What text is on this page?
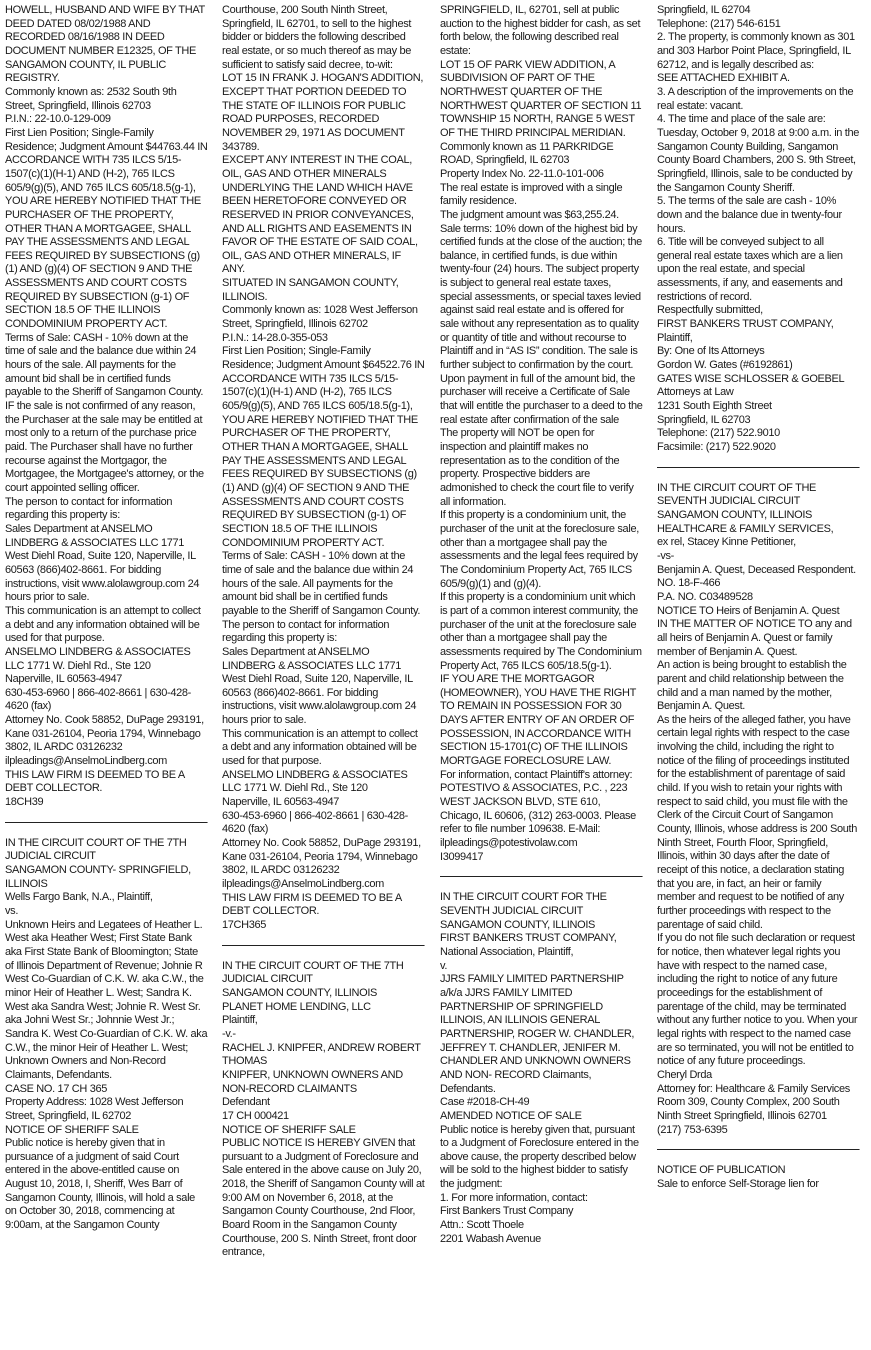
HOWELL, HUSBAND AND WIFE BY THAT DEED DATED 08/02/1988 AND RECORDED 08/16/1988 IN DEED DOCUMENT NUMBER E12325, OF THE SANGAMON COUNTY, IL PUBLIC REGISTRY.

Commonly known as: 2532 South 9th Street, Springfield, Illinois 62703

P.I.N.: 22-10.0-129-009

First Lien Position; Single-Family Residence; Judgment Amount $44763.44 IN ACCORDANCE WITH 735 ILCS 5/15-1507(c)(1)(H-1) AND (H-2), 765 ILCS 605/9(g)(5), AND 765 ILCS 605/18.5(g-1), YOU ARE HEREBY NOTIFIED THAT THE PURCHASER OF THE PROPERTY, OTHER THAN A MORTGAGEE, SHALL PAY THE ASSESSMENTS AND LEGAL FEES REQUIRED BY SUBSECTIONS (g)(1) AND (g)(4) OF SECTION 9 AND THE ASSESSMENTS AND COURT COSTS REQUIRED BY SUBSECTION (g-1) OF SECTION 18.5 OF THE ILLINOIS CONDOMINIUM PROPERTY ACT.

Terms of Sale: CASH - 10% down at the time of sale and the balance due within 24 hours of the sale. All payments for the amount bid shall be in certified funds payable to the Sheriff of Sangamon County.

IF the sale is not confirmed of any reason, the Purchaser at the sale may be entitled at most only to a return of the purchase price paid. The Purchaser shall have no further recourse against the Mortgagor, the Mortgagee, the Mortgagee's attorney, or the court appointed selling officer.

The person to contact for information regarding this property is:

Sales Department at ANSELMO LINDBERG & ASSOCIATES LLC 1771 West Diehl Road, Suite 120, Naperville, IL 60563 (866)402-8661. For bidding instructions, visit www.alolawgroup.com 24 hours prior to sale.

This communication is an attempt to collect a debt and any information obtained will be used for that purpose.

ANSELMO LINDBERG & ASSOCIATES LLC 1771 W. Diehl Rd., Ste 120

Naperville, IL 60563-4947

630-453-6960 | 866-402-8661 | 630-428-4620 (fax)

Attorney No. Cook 58852, DuPage 293191, Kane 031-26104, Peoria 1794, Winnebago 3802, IL ARDC 03126232

ilpleadings@AnselmoLindberg.com

THIS LAW FIRM IS DEEMED TO BE A DEBT COLLECTOR.

18CH39

IN THE CIRCUIT COURT OF THE 7TH JUDICIAL CIRCUIT

SANGAMON COUNTY- SPRINGFIELD, ILLINOIS

Wells Fargo Bank, N.A., Plaintiff,

vs.

Unknown Heirs and Legatees of Heather L. West aka Heather West; First State Bank aka First State Bank of Bloomington; State of Illinois Department of Revenue; Johnie R West Co-Guardian of C.K. W. aka C.W., the minor Heir of Heather L. West; Sandra K. West aka Sandra West; Johnie R. West Sr. aka Johni West Sr.; Johnnie West Jr.; Sandra K. West Co-Guardian of C.K. W. aka C.W., the minor Heir of Heather L. West; Unknown Owners and Non-Record Claimants, Defendants.

CASE NO. 17 CH 365

Property Address: 1028 West Jefferson Street, Springfield, IL 62702

NOTICE OF SHERIFF SALE

Public notice is hereby given that in pursuance of a judgment of said Court entered in the above-entitled cause on August 10, 2018, I, Sheriff, Wes Barr of Sangamon County, Illinois, will hold a sale on October 30, 2018, commencing at 9:00am, at the Sangamon County

Courthouse, 200 South Ninth Street, Springfield, IL 62701, to sell to the highest bidder or bidders the following described real estate, or so much thereof as may be sufficient to satisfy said decree, to-wit:

LOT 15 IN FRANK J. HOGAN'S ADDITION, EXCEPT THAT PORTION DEEDED TO THE STATE OF ILLINOIS FOR PUBLIC ROAD PURPOSES, RECORDED NOVEMBER 29, 1971 AS DOCUMENT 343789.

EXCEPT ANY INTEREST IN THE COAL, OIL, GAS AND OTHER MINERALS UNDERLYING THE LAND WHICH HAVE BEEN HERETOFORE CONVEYED OR RESERVED IN PRIOR CONVEYANCES, AND ALL RIGHTS AND EASEMENTS IN FAVOR OF THE ESTATE OF SAID COAL, OIL, GAS AND OTHER MINERALS, IF ANY.

SITUATED IN SANGAMON COUNTY, ILLINOIS.

Commonly known as: 1028 West Jefferson Street, Springfield, Illinois 62702

P.I.N.: 14-28.0-355-053

First Lien Position; Single-Family Residence; Judgment Amount $64522.76 IN ACCORDANCE WITH 735 ILCS 5/15-1507(c)(1)(H-1) AND (H-2), 765 ILCS 605/9(g)(5), AND 765 ILCS 605/18.5(g-1), YOU ARE HEREBY NOTIFIED THAT THE PURCHASER OF THE PROPERTY, OTHER THAN A MORTGAGEE, SHALL PAY THE ASSESSMENTS AND LEGAL FEES REQUIRED BY SUBSECTIONS (g)(1) AND (g)(4) OF SECTION 9 AND THE ASSESSMENTS AND COURT COSTS REQUIRED BY SUBSECTION (g-1) OF SECTION 18.5 OF THE ILLINOIS CONDOMINIUM PROPERTY ACT.

Terms of Sale: CASH - 10% down at the time of sale and the balance due within 24 hours of the sale. All payments for the amount bid shall be in certified funds payable to the Sheriff of Sangamon County.

The person to contact for information regarding this property is:

Sales Department at ANSELMO LINDBERG & ASSOCIATES LLC 1771 West Diehl Road, Suite 120, Naperville, IL 60563 (866)402-8661. For bidding instructions, visit www.alolawgroup.com 24 hours prior to sale.

This communication is an attempt to collect a debt and any information obtained will be used for that purpose.

ANSELMO LINDBERG & ASSOCIATES LLC 1771 W. Diehl Rd., Ste 120

Naperville, IL 60563-4947

630-453-6960 | 866-402-8661 | 630-428-4620 (fax)

Attorney No. Cook 58852, DuPage 293191, Kane 031-26104, Peoria 1794, Winnebago 3802, IL ARDC 03126232

ilpleadings@AnselmoLindberg.com

THIS LAW FIRM IS DEEMED TO BE A DEBT COLLECTOR.

17CH365

IN THE CIRCUIT COURT OF THE 7TH JUDICIAL CIRCUIT

SANGAMON COUNTY, ILLINOIS

PLANET HOME LENDING, LLC

Plaintiff,

-v.-

RACHEL J. KNIPFER, ANDREW ROBERT THOMAS

KNIPFER, UNKNOWN OWNERS AND NON-RECORD CLAIMANTS

Defendant

17 CH 000421

NOTICE OF SHERIFF SALE

PUBLIC NOTICE IS HEREBY GIVEN that pursuant to a Judgment of Foreclosure and Sale entered in the above cause on July 20, 2018, the Sheriff of Sangamon County will at 9:00 AM on November 6, 2018, at the Sangamon County Courthouse, 2nd Floor, Board Room in the Sangamon County Courthouse, 200 S. Ninth Street, front door entrance,

SPRINGFIELD, IL, 62701, sell at public auction to the highest bidder for cash, as set forth below, the following described real estate:

LOT 15 OF PARK VIEW ADDITION, A SUBDIVISION OF PART OF THE NORTHWEST QUARTER OF THE NORTHWEST QUARTER OF SECTION 11 TOWNSHIP 15 NORTH, RANGE 5 WEST OF THE THIRD PRINCIPAL MERIDIAN.

Commonly known as 11 PARKRIDGE ROAD, Springfield, IL 62703

Property Index No. 22-11.0-101-006

The real estate is improved with a single family residence.

The judgment amount was $63,255.24.

Sale terms: 10% down of the highest bid by certified funds at the close of the auction; the balance, in certified funds, is due within twenty-four (24) hours. The subject property is subject to general real estate taxes, special assessments, or special taxes levied against said real estate and is offered for sale without any representation as to quality or quantity of title and without recourse to Plaintiff and in “AS IS” condition. The sale is further subject to confirmation by the court.

Upon payment in full of the amount bid, the purchaser will receive a Certificate of Sale that will entitle the purchaser to a deed to the real estate after confirmation of the sale

The property will NOT be open for inspection and plaintiff makes no representation as to the condition of the property. Prospective bidders are admonished to check the court file to verify all information.

If this property is a condominium unit, the purchaser of the unit at the foreclosure sale, other than a mortgagee shall pay the assessments and the legal fees required by The Condominium Property Act, 765 ILCS 605/9(g)(1) and (g)(4).

If this property is a condominium unit which is part of a common interest community, the purchaser of the unit at the foreclosure sale other than a mortgagee shall pay the assessments required by The Condominium Property Act, 765 ILCS 605/18.5(g-1).

IF YOU ARE THE MORTGAGOR (HOMEOWNER), YOU HAVE THE RIGHT TO REMAIN IN POSSESSION FOR 30 DAYS AFTER ENTRY OF AN ORDER OF POSSESSION, IN ACCORDANCE WITH SECTION 15-1701(C) OF THE ILLINOIS MORTGAGE FORECLOSURE LAW.

For information, contact Plaintiff's attorney: POTESTIVO & ASSOCIATES, P.C. , 223 WEST JACKSON BLVD, STE 610, Chicago, IL 60606, (312) 263-0003. Please refer to file number 109638. E-Mail: ilpleadings@potestivolaw.com

I3099417

IN THE CIRCUIT COURT FOR THE SEVENTH JUDICIAL CIRCUIT

SANGAMON COUNTY, ILLINOIS

FIRST BANKERS TRUST COMPANY, National Association, Plaintiff,

v.

JJRS FAMILY LIMITED PARTNERSHIP a/k/a JJRS FAMILY LIMITED PARTNERSHIP OF SPRINGFIELD ILLINOIS, AN ILLINOIS GENERAL PARTNERSHIP, ROGER W. CHANDLER, JEFFREY T. CHANDLER, JENIFER M. CHANDLER AND UNKNOWN OWNERS AND NON- RECORD Claimants, Defendants.

Case #2018-CH-49

AMENDED NOTICE OF SALE

Public notice is hereby given that, pursuant to a Judgment of Foreclosure entered in the above cause, the property described below will be sold to the highest bidder to satisfy the judgment:

1. For more information, contact:

First Bankers Trust Company

Attn.: Scott Thoele

2201 Wabash Avenue

Springfield, IL 62704

Telephone: (217) 546-6151

2. The property, is commonly known as 301 and 303 Harbor Point Place, Springfield, IL 62712, and is legally described as:

SEE ATTACHED EXHIBIT A.

3. A description of the improvements on the real estate: vacant.

4. The time and place of the sale are: Tuesday, October 9, 2018 at 9:00 a.m. in the Sangamon County Building, Sangamon County Board Chambers, 200 S. 9th Street, Springfield, Illinois, sale to be conducted by the Sangamon County Sheriff.

5. The terms of the sale are cash - 10% down and the balance due in twenty-four hours.

6. Title will be conveyed subject to all general real estate taxes which are a lien upon the real estate, and special assessments, if any, and easements and restrictions of record.

Respectfully submitted,

FIRST BANKERS TRUST COMPANY, Plaintiff,

By: One of Its Attorneys

Gordon W. Gates (#6192861)

GATES WISE SCHLOSSER & GOEBEL

Attorneys at Law

1231 South Eighth Street

Springfield, IL 62703

Telephone: (217) 522.9010

Facsimile: (217) 522.9020

IN THE CIRCUIT COURT OF THE SEVENTH JUDICIAL CIRCUIT SANGAMON COUNTY, ILLINOIS

HEALTHCARE & FAMILY SERVICES,

ex rel, Stacey Kinne Petitioner,

-vs-

Benjamin A. Quest, Deceased Respondent.

NO. 18-F-466

P.A. NO. C03489528

NOTICE TO Heirs of Benjamin A. Quest

IN THE MATTER OF NOTICE TO any and all heirs of Benjamin A. Quest or family member of Benjamin A. Quest.

An action is being brought to establish the parent and child relationship between the child and a man named by the mother, Benjamin A. Quest.

As the heirs of the alleged father, you have certain legal rights with respect to the case involving the child, including the right to notice of the filing of proceedings instituted for the establishment of parentage of said child. If you wish to retain your rights with respect to said child, you must file with the Clerk of the Circuit Court of Sangamon County, Illinois, whose address is 200 South Ninth Street, Fourth Floor, Springfield, Illinois, within 30 days after the date of receipt of this notice, a declaration stating that you are, in fact, an heir or family member and request to be notified of any further proceedings with respect to the parentage of said child.

If you do not file such declaration or request for notice, then whatever legal rights you have with respect to the named case, including the right to notice of any future proceedings for the establishment of parentage of the child, may be terminated without any further notice to you. When your legal rights with respect to the named case are so terminated, you will not be entitled to notice of any future proceedings.

Cheryl Drda

Attorney for: Healthcare & Family Services

Room 309, County Complex, 200 South Ninth Street Springfield, Illinois 62701

(217) 753-6395

NOTICE OF PUBLICATION

Sale to enforce Self-Storage lien for
